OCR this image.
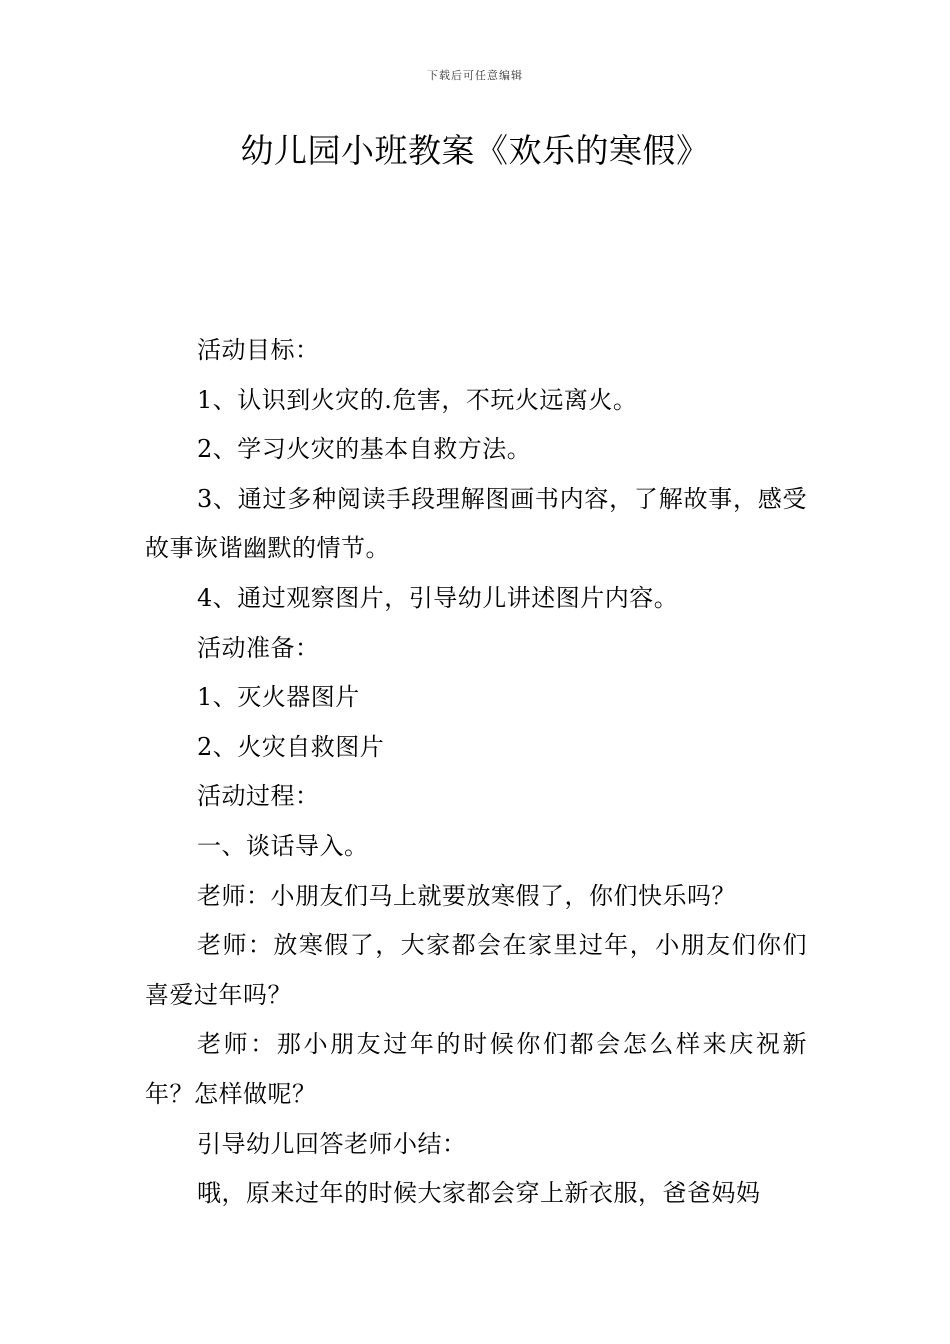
下载后可任意编辑
幼儿园小班教案《欢乐的寒假》

活动目标：

1、认识到火灾的.危害，不玩火远离火。

2、学习火灾的基本自救方法。

3、通过多种阅读手段理解图画书内容，了解故事，感受故事诙谐幽默的情节。

4、通过观察图片，引导幼儿讲述图片内容。

活动准备：

1、灭火器图片

2、火灾自救图片

活动过程：

一、谈话导入。

老师：小朋友们马上就要放寒假了，你们快乐吗？

老师：放寒假了，大家都会在家里过年，小朋友们你们喜爱过年吗？

老师：那小朋友过年的时候你们都会怎么样来庆祝新年？怎样做呢？

引导幼儿回答老师小结：

哦，原来过年的时候大家都会穿上新衣服，爸爸妈妈
